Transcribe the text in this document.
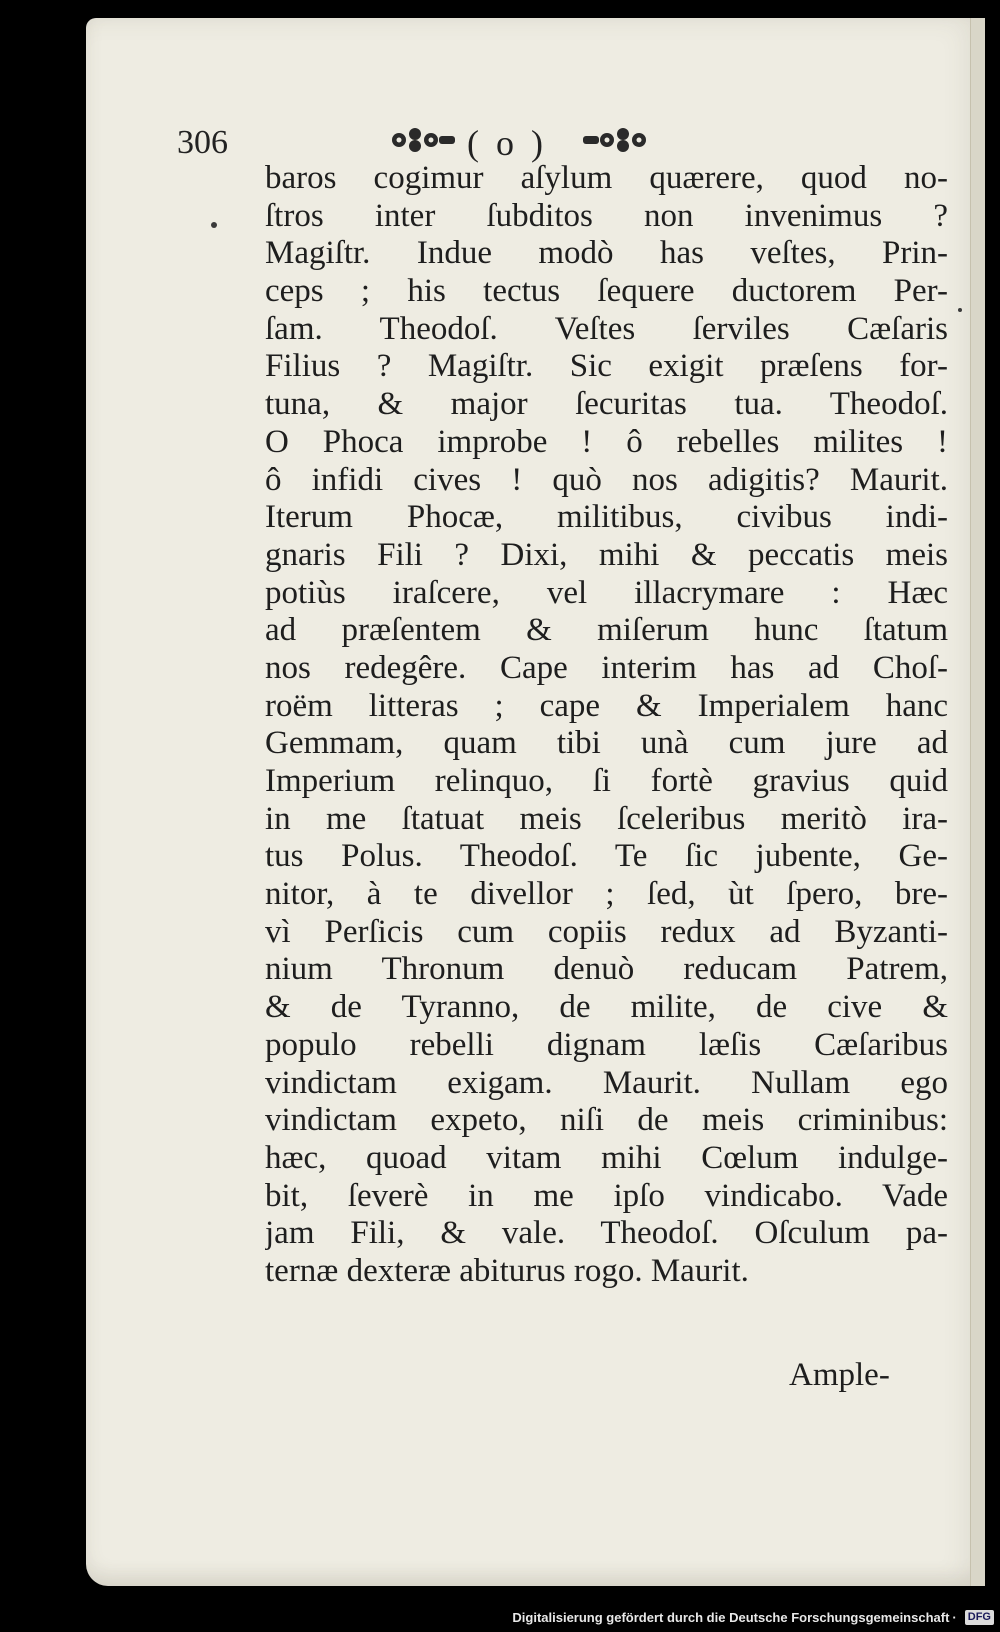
306	( o )
baros cogimur aſylum quærere, quod no-
ſtros inter ſubditos non invenimus ?
Magiſtr. Indue modò has veſtes, Prin-
ceps ; his tectus ſequere ductorem Per-
ſam. Theodoſ. Veſtes ſerviles Cæſaris
Filius ? Magiſtr. Sic exigit præſens for-
tuna, & major ſecuritas tua. Theodoſ.
O Phoca improbe ! ô rebelles milites !
ô infidi cives ! quò nos adigitis? Maurit.
Iterum Phocæ, militibus, civibus indi-
gnaris Fili ? Dixi, mihi & peccatis meis
potiùs iraſcere, vel illacrymare : Hæc
ad præſentem & miſerum hunc ſtatum
nos redegêre. Cape interim has ad Choſ-
roëm litteras ; cape & Imperialem hanc
Gemmam, quam tibi unà cum jure ad
Imperium relinquo, ſi fortè gravius quid
in me ſtatuat meis ſceleribus meritò ira-
tus Polus. Theodoſ. Te ſic jubente, Ge-
nitor, à te divellor ; ſed, ùt ſpero, bre-
vì Perſicis cum copiis redux ad Byzanti-
nium Thronum denuò reducam Patrem,
& de Tyranno, de milite, de cive &
populo rebelli dignam læſis Cæſaribus
vindictam exigam. Maurit. Nullam ego
vindictam expeto, niſi de meis criminibus:
hæc, quoad vitam mihi Cœlum indulge-
bit, ſeverè in me ipſo vindicabo. Vade
jam Fili, & vale. Theodoſ. Oſculum pa-
ternæ dexteræ abiturus rogo. Maurit.
Ample-
Digitalisierung gefördert durch die Deutsche Forschungsgemeinschaft · DFG
